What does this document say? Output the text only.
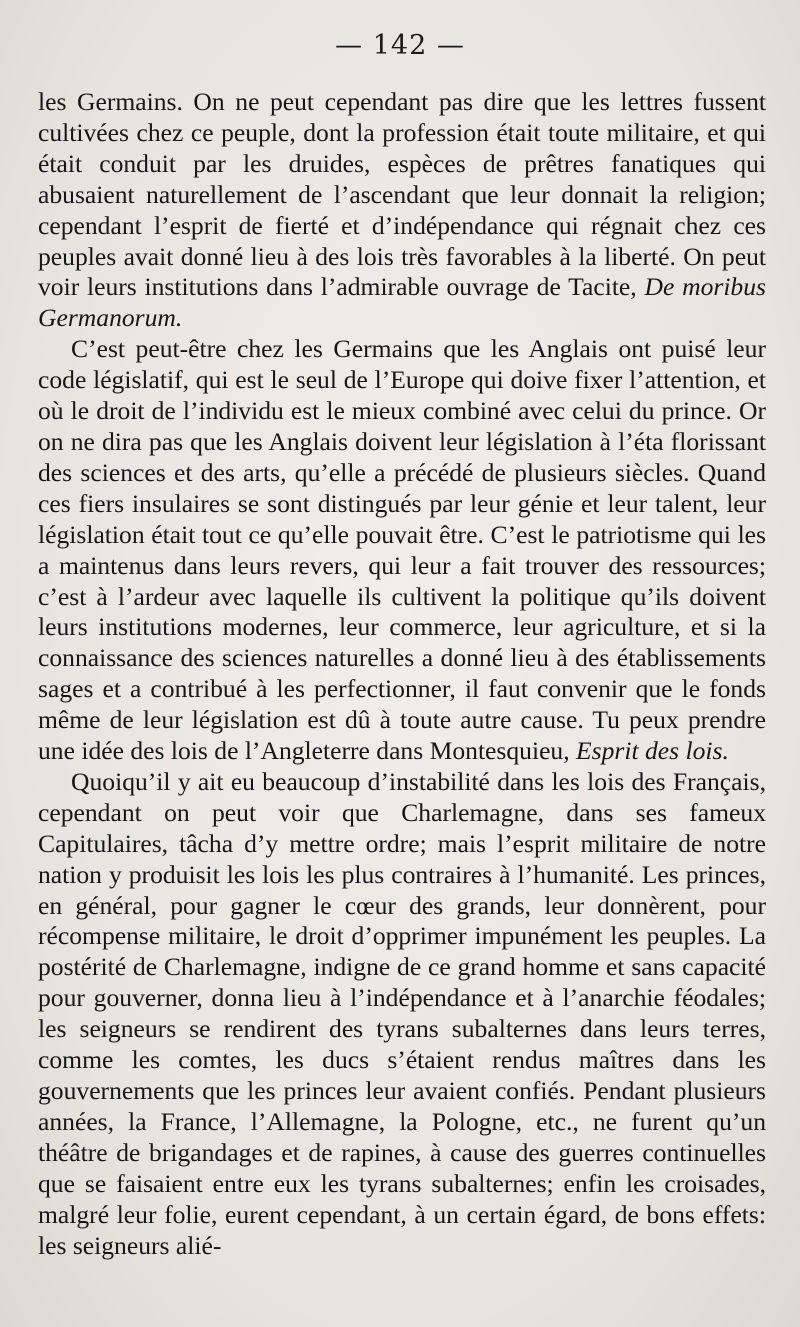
— 142 —

les Germains. On ne peut cependant pas dire que les lettres fussent cultivées chez ce peuple, dont la profession était toute militaire, et qui était conduit par les druides, espèces de prêtres fanatiques qui abusaient naturellement de l’ascendant que leur donnait la religion; cependant l’esprit de fierté et d’indépendance qui régnait chez ces peuples avait donné lieu à des lois très favorables à la liberté. On peut voir leurs institutions dans l’admirable ouvrage de Tacite, De moribus Germanorum.

C’est peut-être chez les Germains que les Anglais ont puisé leur code législatif, qui est le seul de l’Europe qui doive fixer l’attention, et où le droit de l’individu est le mieux combiné avec celui du prince. Or on ne dira pas que les Anglais doivent leur législation à l’éta florissant des sciences et des arts, qu’elle a précédé de plusieurs siècles. Quand ces fiers insulaires se sont distingués par leur génie et leur talent, leur législation était tout ce qu’elle pouvait être. C’est le patriotisme qui les a maintenus dans leurs revers, qui leur a fait trouver des ressources; c’est à l’ardeur avec laquelle ils cultivent la politique qu’ils doivent leurs institutions modernes, leur commerce, leur agriculture, et si la connaissance des sciences naturelles a donné lieu à des établissements sages et a contribué à les perfectionner, il faut convenir que le fonds même de leur législation est dû à toute autre cause. Tu peux prendre une idée des lois de l’Angleterre dans Montesquieu, Esprit des lois.

Quoiqu’il y ait eu beaucoup d’instabilité dans les lois des Français, cependant on peut voir que Charlemagne, dans ses fameux Capitulaires, tâcha d’y mettre ordre; mais l’esprit militaire de notre nation y produisit les lois les plus contraires à l’humanité. Les princes, en général, pour gagner le cœur des grands, leur donnèrent, pour récompense militaire, le droit d’opprimer impunément les peuples. La postérité de Charlemagne, indigne de ce grand homme et sans capacité pour gouverner, donna lieu à l’indépendance et à l’anarchie féodales; les seigneurs se rendirent des tyrans subalternes dans leurs terres, comme les comtes, les ducs s’étaient rendus maîtres dans les gouvernements que les princes leur avaient confiés. Pendant plusieurs années, la France, l’Allemagne, la Pologne, etc., ne furent qu’un théâtre de brigandages et de rapines, à cause des guerres continuelles que se faisaient entre eux les tyrans subalternes; enfin les croisades, malgré leur folie, eurent cependant, à un certain égard, de bons effets: les seigneurs alié-
